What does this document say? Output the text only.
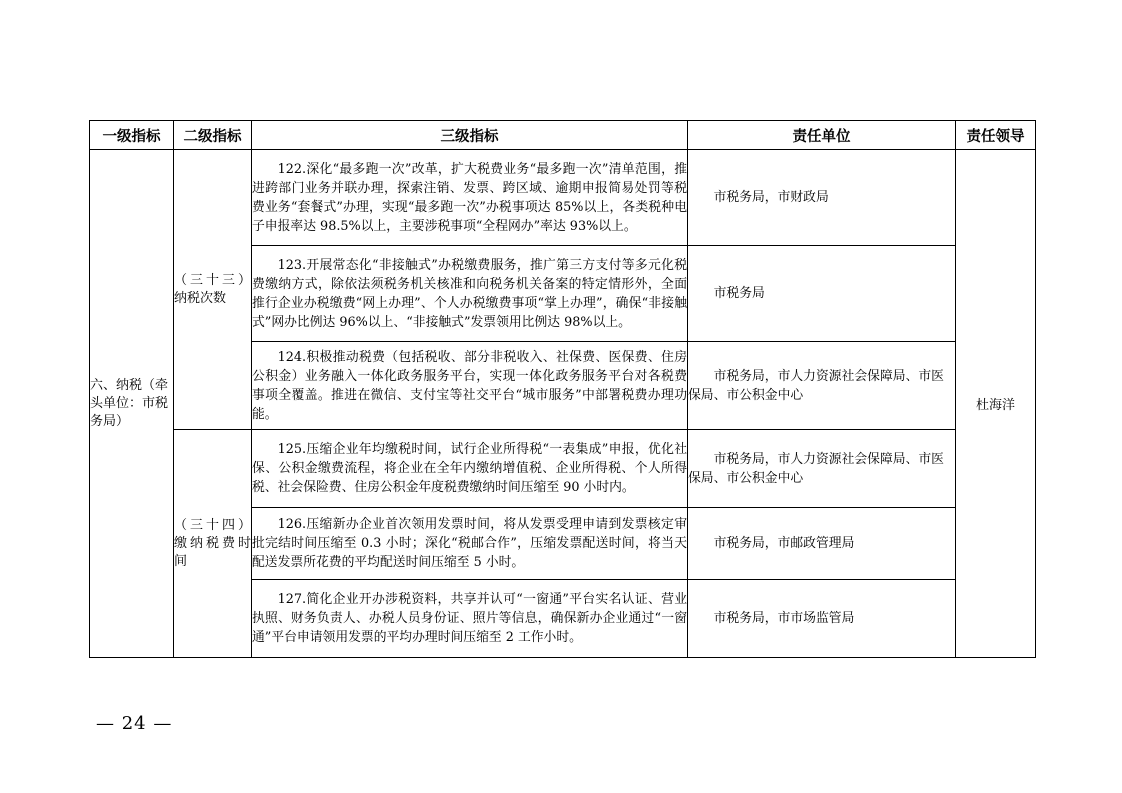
一级指标	二级指标	三级指标	责任单位	责任领导
六、纳税（牵头单位：市税务局）	（三十三）纳税次数	122.深化“最多跑一次”改革，扩大税费业务“最多跑一次”清单范围，推进跨部门业务并联办理，探索注销、发票、跨区域、逾期申报简易处罚等税费业务“套餐式”办理，实现“最多跑一次”办税事项达 85%以上，各类税种电子申报率达 98.5%以上，主要涉税事项“全程网办”率达 93%以上。	市税务局，市财政局	杜海洋
		123.开展常态化“非接触式”办税缴费服务，推广第三方支付等多元化税费缴纳方式，除依法须税务机关核准和向税务机关备案的特定情形外，全面推行企业办税缴费“网上办理”、个人办税缴费事项“掌上办理”，确保“非接触式”网办比例达 96%以上、“非接触式”发票领用比例达 98%以上。	市税务局	
		124.积极推动税费（包括税收、部分非税收入、社保费、医保费、住房公积金）业务融入一体化政务服务平台，实现一体化政务服务平台对各税费事项全覆盖。推进在微信、支付宝等社交平台“城市服务”中部署税费办理功能。	市税务局，市人力资源社会保障局、市医保局、市公积金中心	
	（三十四）缴纳税费时间	125.压缩企业年均缴税时间，试行企业所得税“一表集成”申报，优化社保、公积金缴费流程，将企业在全年内缴纳增值税、企业所得税、个人所得税、社会保险费、住房公积金年度税费缴纳时间压缩至 90 小时内。	市税务局，市人力资源社会保障局、市医保局、市公积金中心	
		126.压缩新办企业首次领用发票时间，将从发票受理申请到发票核定审批完结时间压缩至 0.3 小时；深化“税邮合作”，压缩发票配送时间，将当天配送发票所花费的平均配送时间压缩至 5 小时。	市税务局，市邮政管理局	
		127.简化企业开办涉税资料，共享并认可“一窗通”平台实名认证、营业执照、财务负责人、办税人员身份证、照片等信息，确保新办企业通过“一窗通”平台申请领用发票的平均办理时间压缩至 2 工作小时。	市税务局，市市场监管局	
— 24 —
